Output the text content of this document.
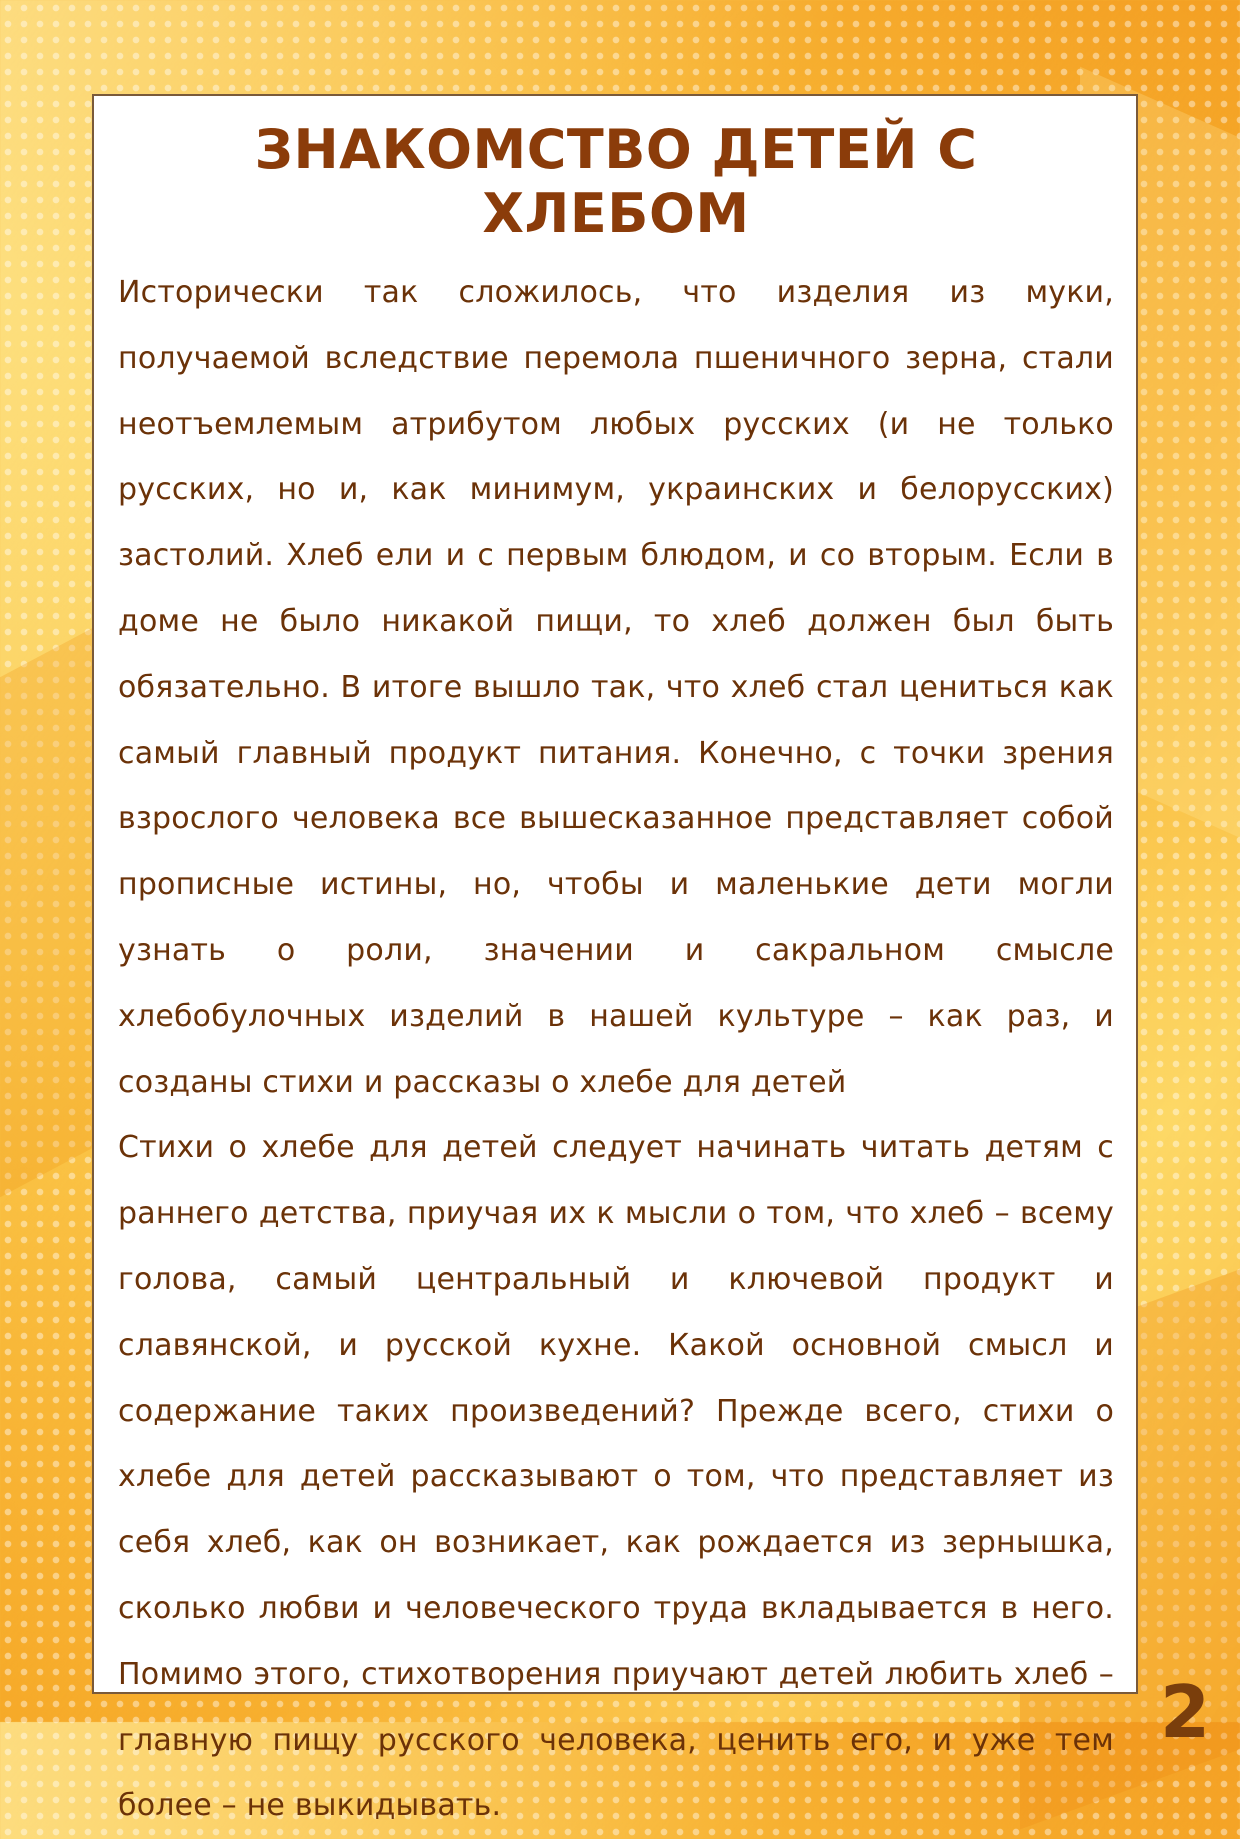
ЗНАКОМСТВО ДЕТЕЙ С ХЛЕБОМ

Исторически так сложилось, что изделия из муки, получаемой вследствие перемола пшеничного зерна, стали неотъемлемым атрибутом любых русских (и не только русских, но и, как минимум, украинских и белорусских) застолий. Хлеб ели и с первым блюдом, и со вторым. Если в доме не было никакой пищи, то хлеб должен был быть обязательно. В итоге вышло так, что хлеб стал цениться как самый главный продукт питания. Конечно, с точки зрения взрослого человека все вышесказанное представляет собой прописные истины, но, чтобы и маленькие дети могли узнать о роли, значении и сакральном смысле хлебобулочных изделий в нашей культуре – как раз, и созданы стихи и рассказы о хлебе для детей

Стихи о хлебе для детей следует начинать читать детям с раннего детства, приучая их к мысли о том, что хлеб – всему голова, самый центральный и ключевой продукт и славянской, и русской кухне. Какой основной смысл и содержание таких произведений? Прежде всего, стихи о хлебе для детей рассказывают о том, что представляет из себя хлеб, как он возникает, как рождается из зернышка, сколько любви и человеческого труда вкладывается в него. Помимо этого, стихотворения приучают детей любить хлеб – главную пищу русского человека, ценить его, и уже тем более – не выкидывать.

2
